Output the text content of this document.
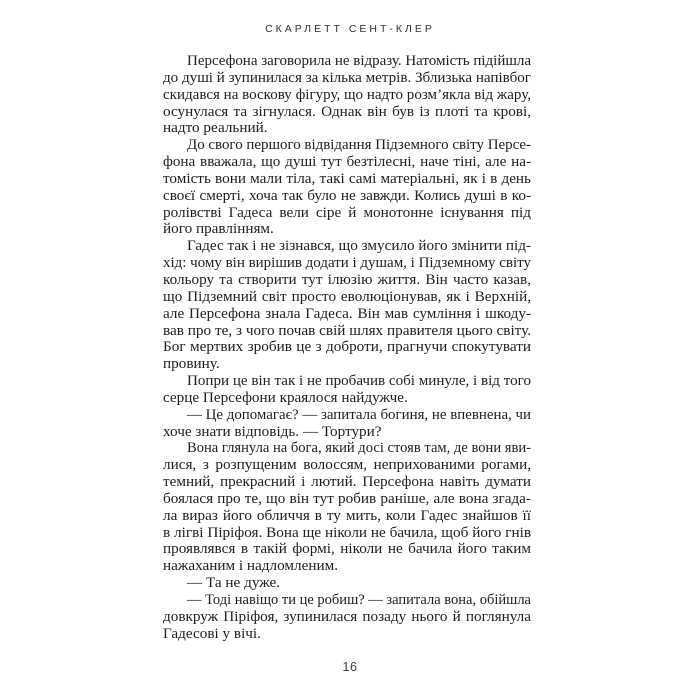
СКАРЛЕТТ СЕНТ-КЛЕР
Персефона заговорила не відразу. Натомість підійшла
до душі й зупинилася за кілька метрів. Зблизька напівбог
скидався на воскову фігуру, що надто розм’якла від жару,
осунулася та зігнулася. Однак він був із плоті та крові,
надто реальний.
До свого першого відвідання Підземного світу Персе-
фона вважала, що душі тут безтілесні, наче тіні, але на-
томість вони мали тіла, такі самі матеріальні, як і в день
своєї смерті, хоча так було не завжди. Колись душі в ко-
ролівстві Гадеса вели сіре й монотонне існування під
його правлінням.
Гадес так і не зізнався, що змусило його змінити під-
хід: чому він вирішив додати і душам, і Підземному світу
кольору та створити тут ілюзію життя. Він часто казав,
що Підземний світ просто еволюціонував, як і Верхній,
але Персефона знала Гадеса. Він мав сумління і шкоду-
вав про те, з чого почав свій шлях правителя цього світу.
Бог мертвих зробив це з доброти, прагнучи спокутувати
провину.
Попри це він так і не пробачив собі минуле, і від того
серце Персефони краялося найдужче.
— Це допомагає? — запитала богиня, не впевнена, чи
хоче знати відповідь. — Тортури?
Вона глянула на бога, який досі стояв там, де вони яви-
лися, з розпущеним волоссям, неприхованими рогами,
темний, прекрасний і лютий. Персефона навіть думати
боялася про те, що він тут робив раніше, але вона згада-
ла вираз його обличчя в ту мить, коли Гадес знайшов її
в лігві Піріфоя. Вона ще ніколи не бачила, щоб його гнів
проявлявся в такій формі, ніколи не бачила його таким
нажаханим і надломленим.
— Та не дуже.
— Тоді навіщо ти це робиш? — запитала вона, обійшла
довкруж Піріфоя, зупинилася позаду нього й поглянула
Гадесові у вічі.
16
